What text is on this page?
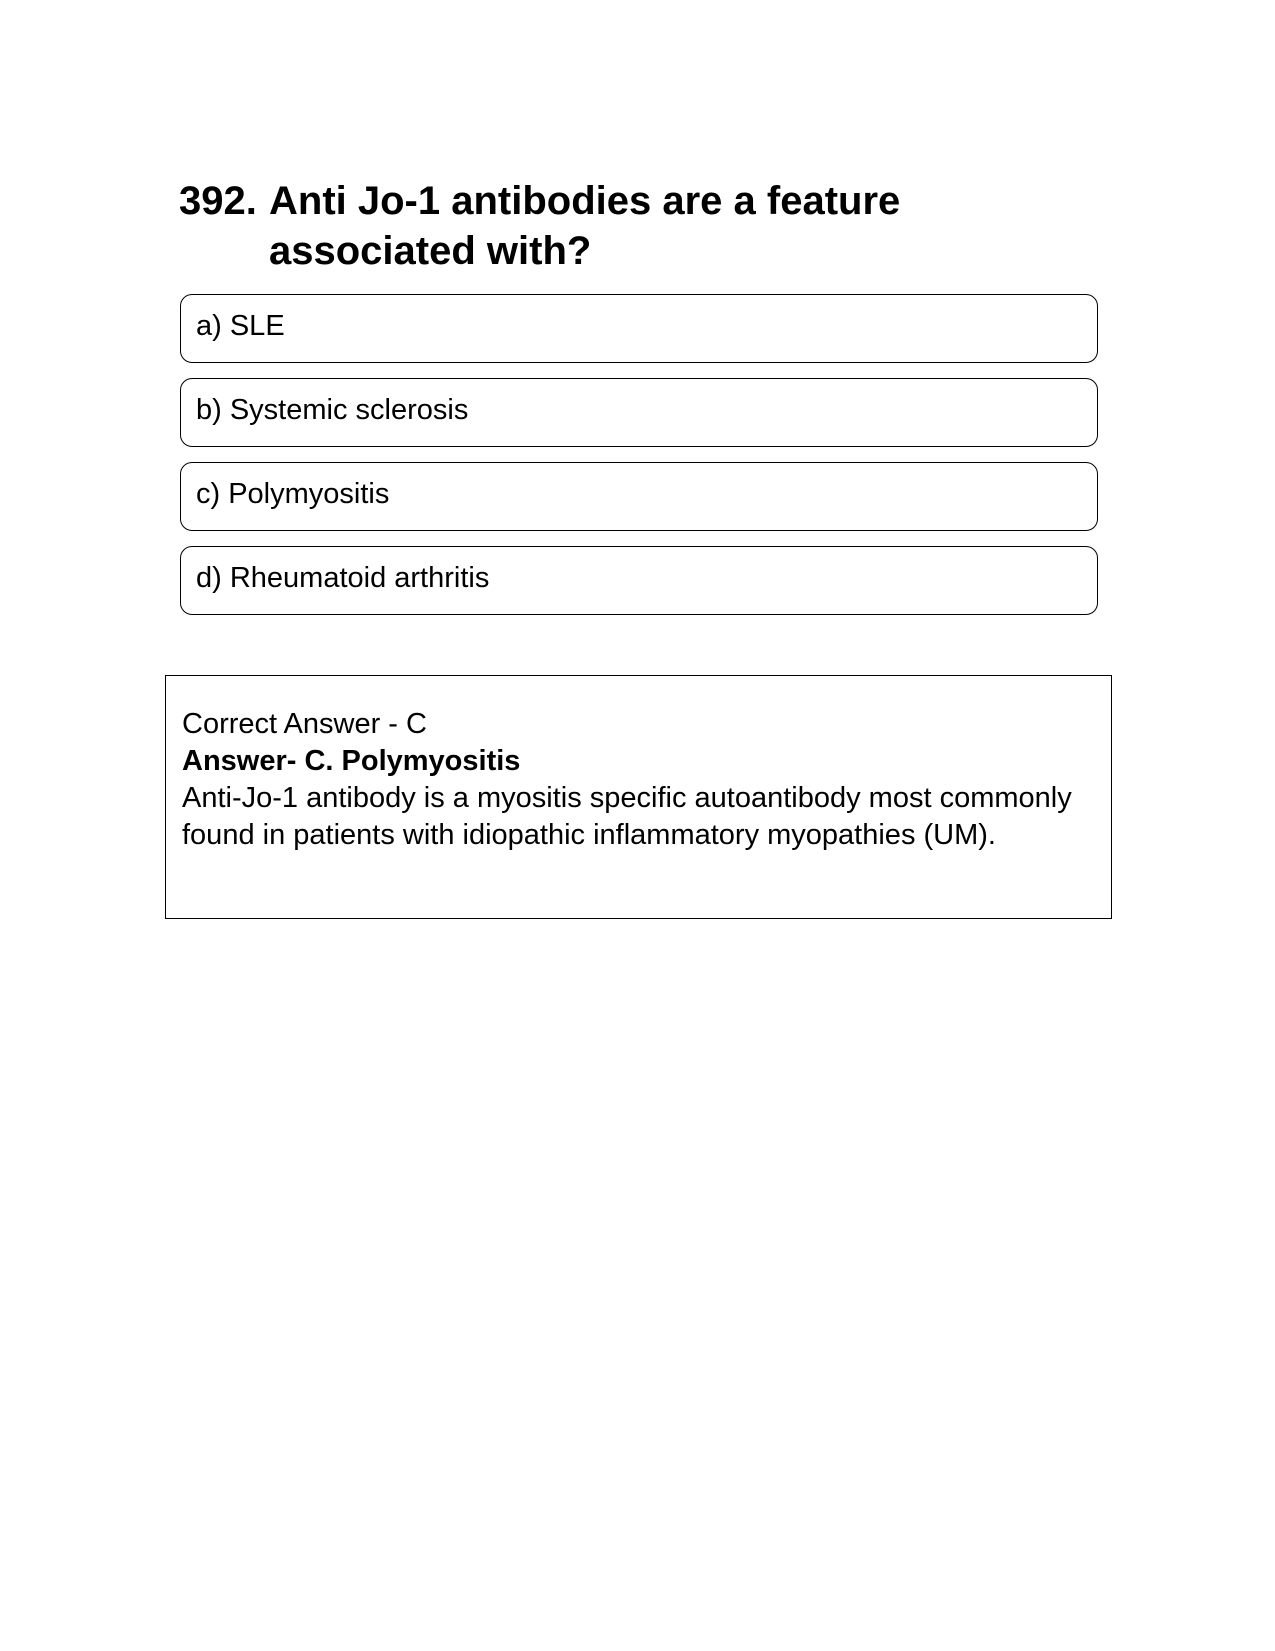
392. Anti Jo-1 antibodies are a feature associated with?
a) SLE
b) Systemic sclerosis
c) Polymyositis
d) Rheumatoid arthritis
Correct Answer - C
Answer- C. Polymyositis
Anti-Jo-1 antibody is a myositis specific autoantibody most commonly found in patients with idiopathic inflammatory myopathies (UM).
